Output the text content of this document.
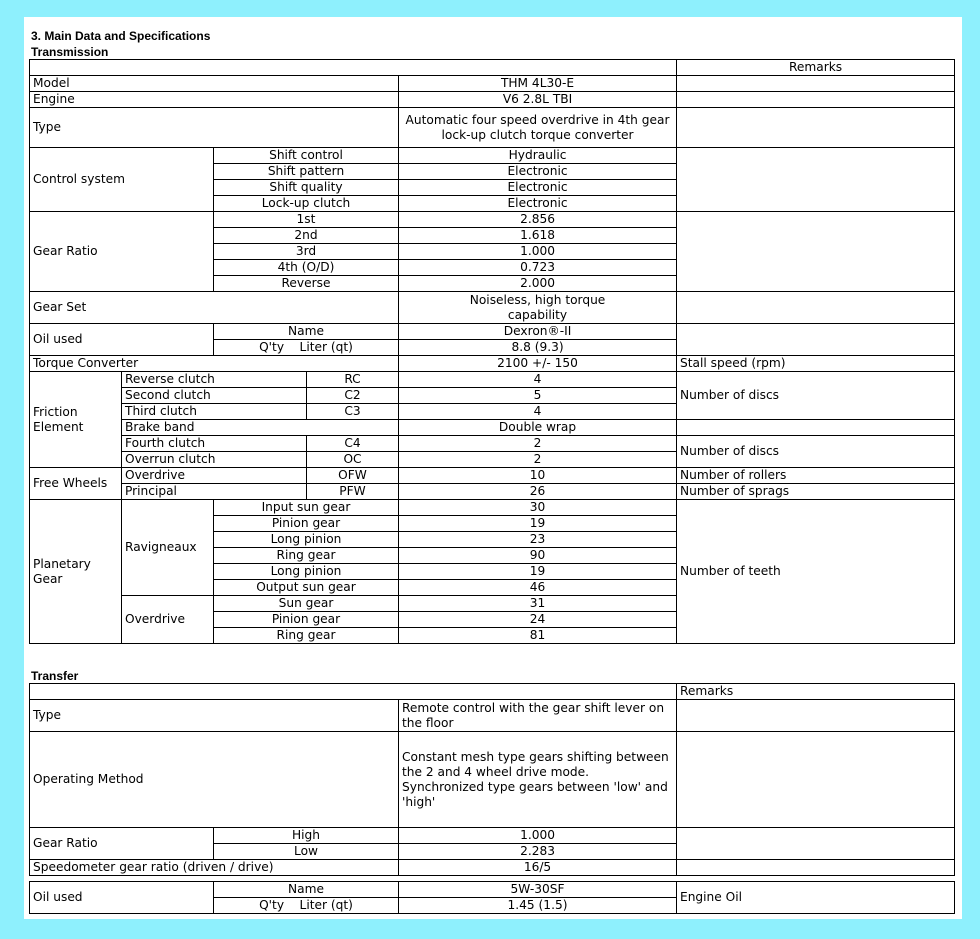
3. Main Data and Specifications
Transmission
					Remarks
Model				THM 4L30-E	
Engine				V6 2.8L TBI	
Type				Automatic four speed overdrive in 4th gear lock-up clutch torque converter	
Control system		Shift control		Hydraulic	
		Shift pattern		Electronic	
		Shift quality		Electronic	
		Lock-up clutch		Electronic	
Gear Ratio		1st		2.856	
		2nd		1.618	
		3rd		1.000	
		4th (O/D)		0.723	
		Reverse		2.000	
Gear Set				Noiseless, high torque capability	
Oil used		Name		Dexron®-II	
		Q'ty    Liter (qt)		8.8 (9.3)	
Torque Converter				2100 +/- 150	Stall speed (rpm)
Friction Element	Reverse clutch		RC	4	Number of discs
	Second clutch		C2	5	
	Third clutch		C3	4	
	Brake band			Double wrap	
	Fourth clutch		C4	2	Number of discs
	Overrun clutch		OC	2	
Free Wheels	Overdrive		OFW	10	Number of rollers
	Principal		PFW	26	Number of sprags
Planetary Gear	Ravigneaux	Input sun gear		30	Number of teeth
		Pinion gear		19	
		Long pinion		23	
		Ring gear		90	
		Long pinion		19	
		Output sun gear		46	
	Overdrive	Sun gear		31	
		Pinion gear		24	
		Ring gear		81	
Transfer
			Remarks
Type		Remote control with the gear shift lever on the floor	
Operating Method		Constant mesh type gears shifting between the 2 and 4 wheel drive mode. Synchronized type gears between 'low' and 'high'	
Gear Ratio	High	1.000	
	Low	2.283	
Speedometer gear ratio (driven / drive)		16/5	
Oil used	Name	5W-30SF	Engine Oil
	Q'ty    Liter (qt)	1.45 (1.5)	
